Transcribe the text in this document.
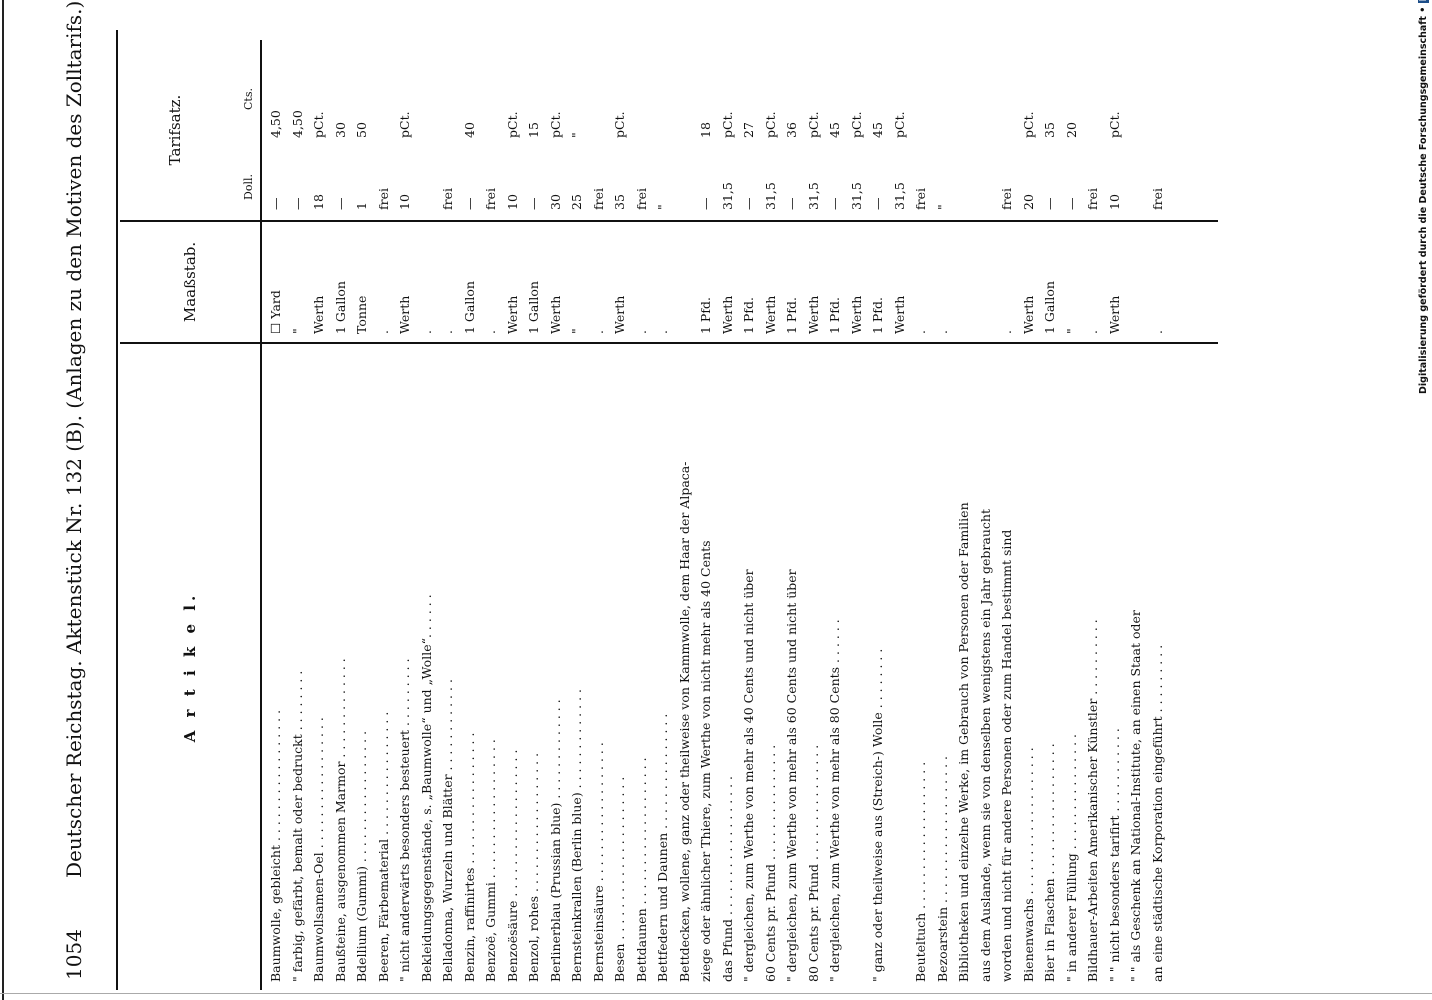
1054
Deutscher Reichstag. Aktenstück Nr. 132 (B). (Anlagen zu den Motiven des Zolltarifs.)	A r t i k e l.
Maaßstab.
Tarifsatz.
Doll.
Cts.
Baumwolle, gebleicht . . . . . . . . . . . . . . . . .
☐ Yard
—
4,50
" farbig, gefärbt, bemalt oder bedruckt . . . . . . . .
"
—
4,50
Baumwollsamen-Oel . . . . . . . . . . . . . . . . .
Werth
18
pCt.
Baußteine, ausgenommen Marmor . . . . . . . . . . . . .
1 Gallon
—
30
Bdellium (Gummi) . . . . . . . . . . . . . . . . .
Tonne
1
50
Beeren, Färbematerial . . . . . . . . . . . . . . . .
.
frei
" nicht anderwärts besonders besteuert . . . . . . . . .
Werth
10
pCt.
Bekleidungsgegenstände, s. „Baumwolle“ und „Wolle“. . . . . .
.
Belladonna, Wurzeln und Blätter . . . . . . . . . . . .
.
frei
Benzin, raffinirtes . . . . . . . . . . . . . . . . .
1 Gallon
—
40
Benzoë, Gummi . . . . . . . . . . . . . . . . . .
.
frei
Benzoësäure . . . . . . . . . . . . . . . . . . .
Werth
10
pCt.
Benzol, rohes . . . . . . . . . . . . . . . . . .
1 Gallon
—
15
Berlinerblau (Prussian blue) . . . . . . . . . . . . .
Werth
30
pCt.
Bernsteinkrallen (Berlin blue) . . . . . . . . . . . . .
"
25
"
Bernsteinsäure . . . . . . . . . . . . . . . . . .
.
frei
Besen . . . . . . . . . . . . . . . . . . . . .
Werth
35
pCt.
Bettdaunen . . . . . . . . . . . . . . . . . . .
.
frei
Bettfedern und Daunen . . . . . . . . . . . . . . .
.
"
Bettdecken, wollene, ganz oder theilweise von Kammwolle, dem Haar der Alpaca- ziege oder ähnlicher Thiere, zum Werthe von nicht mehr als 40 Cents
1 Pfd.
—
18
das Pfund . . . . . . . . . . . . . . . . . .
Werth
31,5
pCt.
" dergleichen, zum Werthe von mehr als 40 Cents und nicht über
1 Pfd.
—
27
60 Cents pr. Pfund . . . . . . . . . . . . . . .
Werth
31,5
pCt.
" dergleichen, zum Werthe von mehr als 60 Cents und nicht über
1 Pfd.
—
36
80 Cents pr. Pfund . . . . . . . . . . . . . . .
Werth
31,5
pCt.
" dergleichen, zum Werthe von mehr als 80 Cents . . . . . .
1 Pfd.
—
45
Werth
31,5
pCt.
" ganz oder theilweise aus (Streich-) Wolle . . . . . . . .
1 Pfd.
—
45
Werth
31,5
pCt.
Beuteltuch . . . . . . . . . . . . . . . . . . .
.
frei
Bezoarstein . . . . . . . . . . . . . . . . . . .
.
"
Bibliotheken und einzelne Werke, im Gebrauch von Personen oder Familien aus dem Auslande, wenn sie von denselben wenigstens ein Jahr gebraucht worden und nicht für andere Personen oder zum Handel bestimmt sind
.
frei
Bienenwachs . . . . . . . . . . . . . . . . . . .
Werth
20
pCt.
Bier in Flaschen . . . . . . . . . . . . . . . . .
1 Gallon
—
35
" in anderer Füllung . . . . . . . . . . . . . . .
"
—
20
Bildhauer-Arbeiten Amerikanischer Künstler . . . . . . . . . .
.
frei
" " nicht besonders tarifirt . . . . . . . . . . .
Werth
10
pCt.
" " als Geschenk an National-Institute, an einen Staat oder an eine städtische Korporation eingeführt . . . . . . . . .
.
frei	Digitalisierung gefördert durch die Deutsche Forschungsgemeinschaft •
